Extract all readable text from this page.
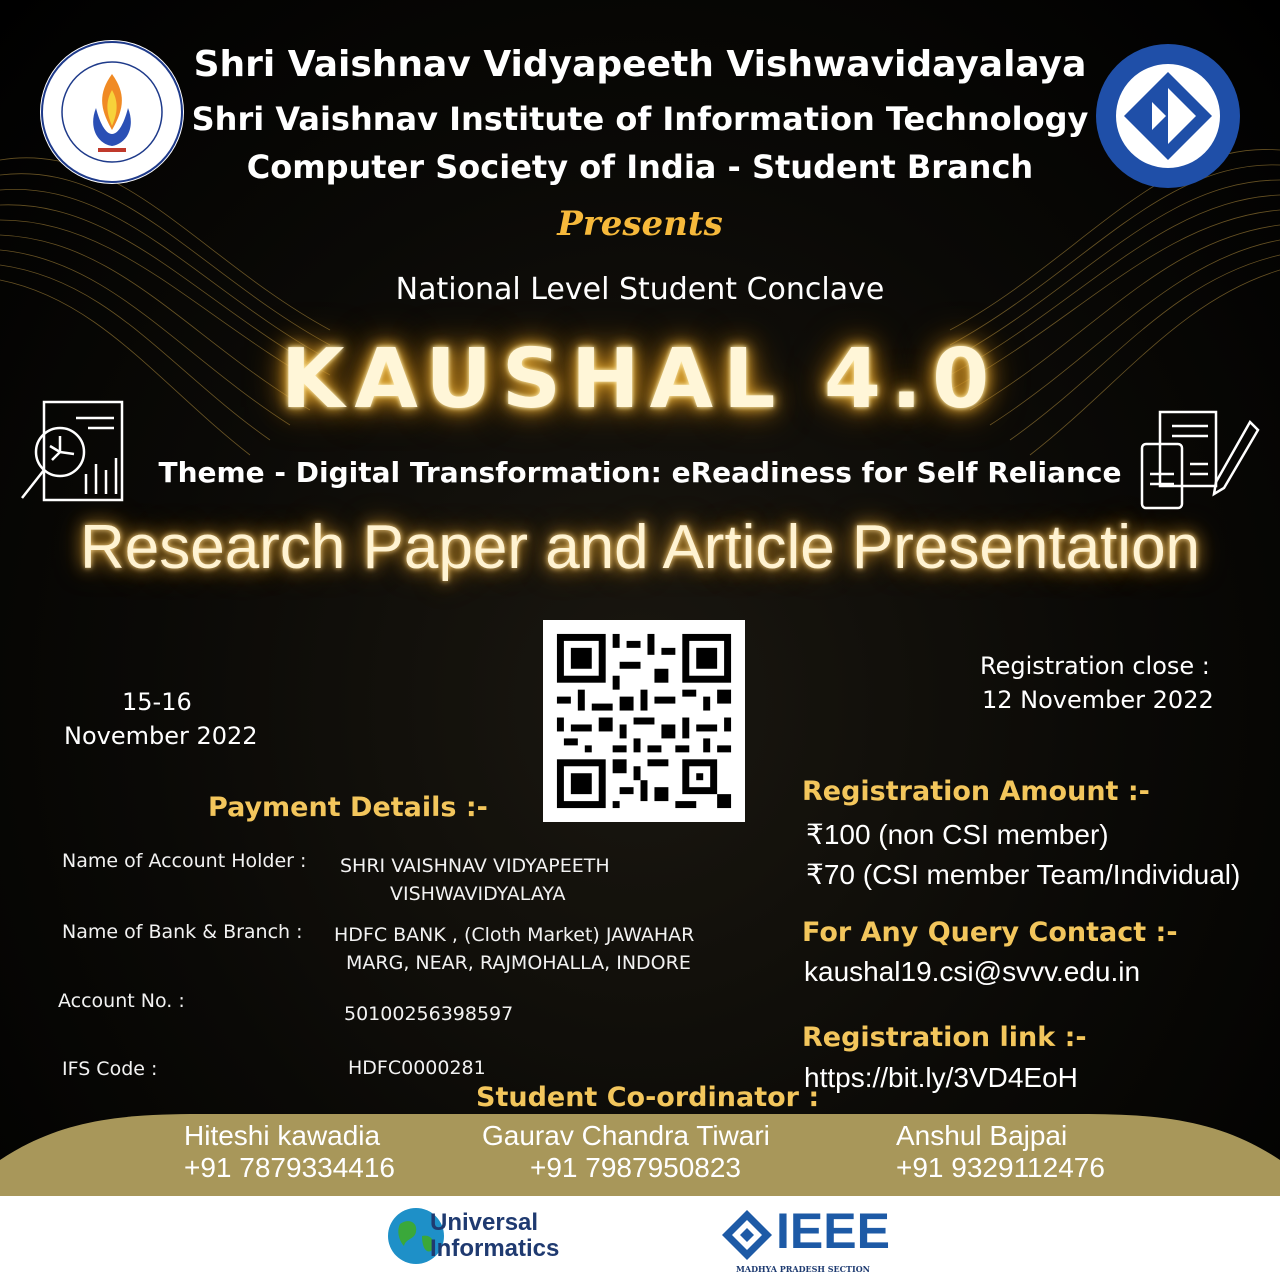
Shri Vaishnav Vidyapeeth Vishwavidayalaya
Shri Vaishnav Institute of Information Technology
Computer Society of India - Student Branch
Presents
National Level Student Conclave
KAUSHAL 4.0
Theme - Digital Transformation: eReadiness for Self Reliance
Research Paper and Article Presentation
15-16
November 2022
Registration close :
12 November 2022
Payment Details :-
Name of Account Holder : SHRI VAISHNAV VIDYAPEETH
VISHWAVIDYALAYA
Name of Bank & Branch : HDFC BANK , (Cloth Market) JAWAHAR
MARG, NEAR, RAJMOHALLA, INDORE
Account No. :
50100256398597
IFS Code :	HDFC0000281
Registration Amount :-
₹100 (non CSI member)
₹70 (CSI member Team/Individual)
For Any Query Contact :-
kaushal19.csi@svvv.edu.in
Registration link :-
https://bit.ly/3VD4EoH
Student Co-ordinator :
Hiteshi kawadia
+91 7879334416
Gaurav Chandra Tiwari
+91 7987950823
Anshul Bajpai
+91 9329112476
Universal
Informatics	IEEE
MADHYA PRADESH SECTION
